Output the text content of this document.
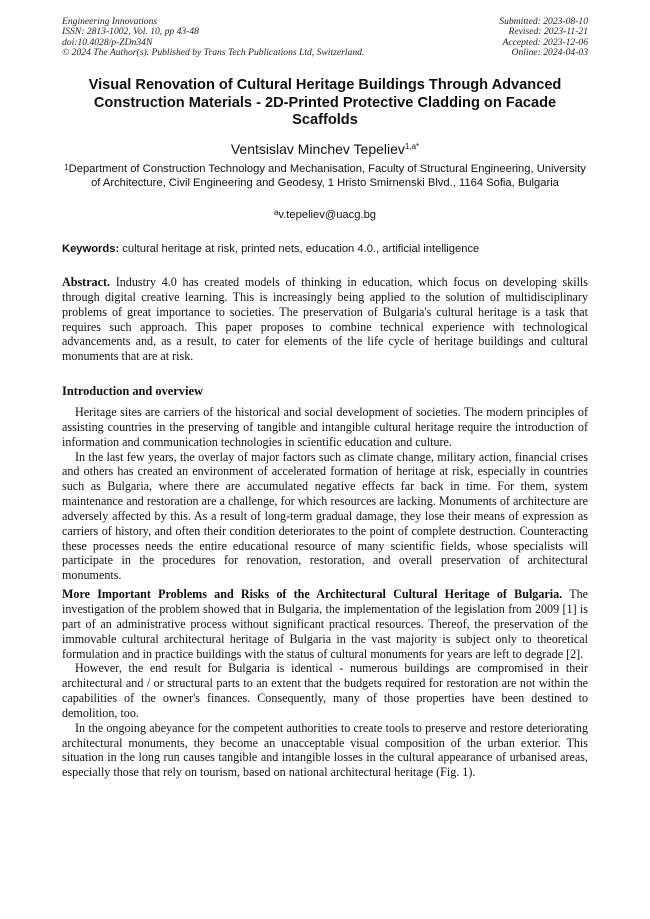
Engineering Innovations
ISSN: 2813-1002, Vol. 10, pp 43-48
doi:10.4028/p-ZDn34N
© 2024 The Author(s). Published by Trans Tech Publications Ltd, Switzerland.
Submitted: 2023-08-10
Revised: 2023-11-21
Accepted: 2023-12-06
Online: 2024-04-03
Visual Renovation of Cultural Heritage Buildings Through Advanced Construction Materials - 2D-Printed Protective Cladding on Facade Scaffolds
Ventsislav Minchev Tepeliev$^{1,a*}$
$^1$Department of Construction Technology and Mechanisation, Faculty of Structural Engineering, University of Architecture, Civil Engineering and Geodesy, 1 Hristo Smirnenski Blvd., 1164 Sofia, Bulgaria
$^a$v.tepeliev@uacg.bg
Keywords: cultural heritage at risk, printed nets, education 4.0., artificial intelligence
Abstract. Industry 4.0 has created models of thinking in education, which focus on developing skills through digital creative learning. This is increasingly being applied to the solution of multidisciplinary problems of great importance to societies. The preservation of Bulgaria's cultural heritage is a task that requires such approach. This paper proposes to combine technical experience with technological advancements and, as a result, to cater for elements of the life cycle of heritage buildings and cultural monuments that are at risk.
Introduction and overview

Heritage sites are carriers of the historical and social development of societies. The modern principles of assisting countries in the preserving of tangible and intangible cultural heritage require the introduction of information and communication technologies in scientific education and culture.

In the last few years, the overlay of major factors such as climate change, military action, financial crises and others has created an environment of accelerated formation of heritage at risk, especially in countries such as Bulgaria, where there are accumulated negative effects far back in time. For them, system maintenance and restoration are a challenge, for which resources are lacking. Monuments of architecture are adversely affected by this. As a result of long-term gradual damage, they lose their means of expression as carriers of history, and often their condition deteriorates to the point of complete destruction. Counteracting these processes needs the entire educational resource of many scientific fields, whose specialists will participate in the procedures for renovation, restoration, and overall preservation of architectural monuments.

More Important Problems and Risks of the Architectural Cultural Heritage of Bulgaria. The investigation of the problem showed that in Bulgaria, the implementation of the legislation from 2009 [1] is part of an administrative process without significant practical resources. Thereof, the preservation of the immovable cultural architectural heritage of Bulgaria in the vast majority is subject only to theoretical formulation and in practice buildings with the status of cultural monuments for years are left to degrade [2].

However, the end result for Bulgaria is identical - numerous buildings are compromised in their architectural and / or structural parts to an extent that the budgets required for restoration are not within the capabilities of the owner's finances. Consequently, many of those properties have been destined to demolition, too.

In the ongoing abeyance for the competent authorities to create tools to preserve and restore deteriorating architectural monuments, they become an unacceptable visual composition of the urban exterior. This situation in the long run causes tangible and intangible losses in the cultural appearance of urbanised areas, especially those that rely on tourism, based on national architectural heritage (Fig. 1).
